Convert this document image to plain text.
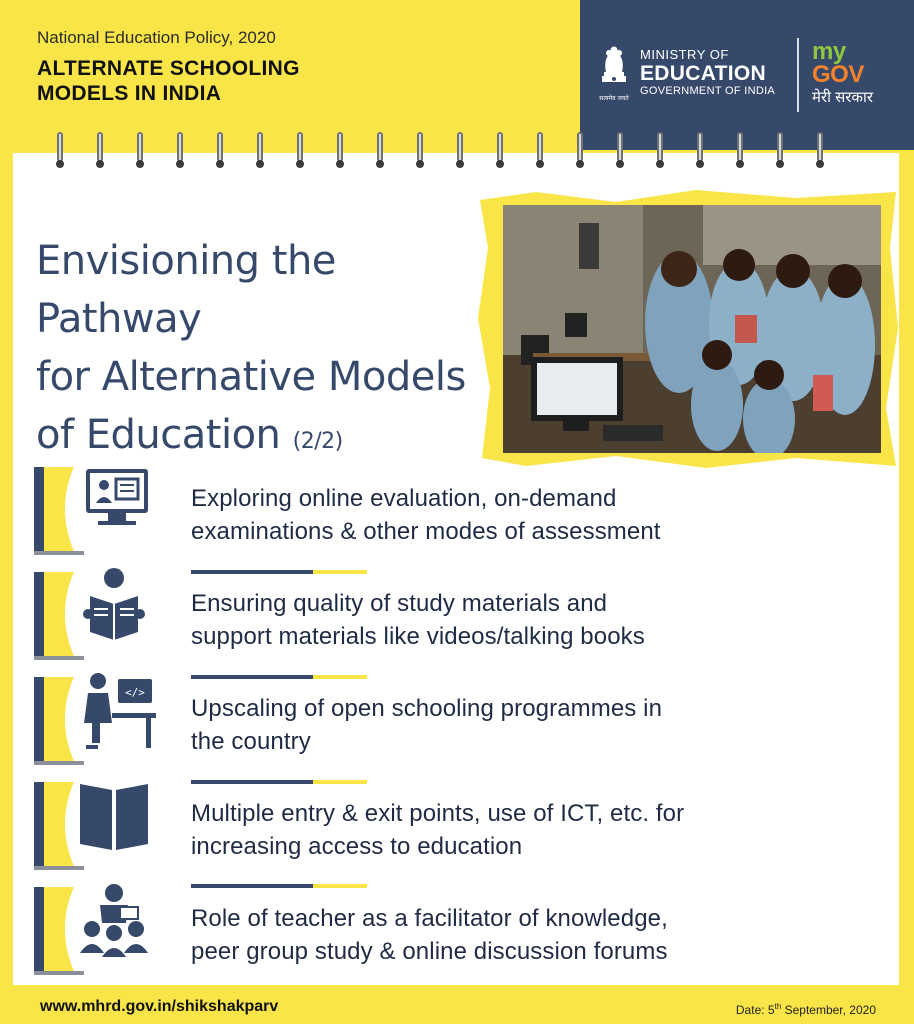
National Education Policy, 2020
ALTERNATE SCHOOLING
MODELS IN INDIA	सत्यमेव जयते
MINISTRY OF
EDUCATION
GOVERNMENT OF INDIA
my
GOV
मेरी सरकार
Envisioning the Pathway
for Alternative Models
of Education (2/2)
Exploring online evaluation, on-demand
examinations & other modes of assessment
Ensuring quality of study materials and
support materials like videos/talking books
</>
Upscaling of open schooling programmes in
the country
Multiple entry & exit points, use of ICT, etc. for
increasing access to education
Role of teacher as a facilitator of knowledge,
peer group study & online discussion forums
www.mhrd.gov.in/shikshakparv	Date: 5th September, 2020
